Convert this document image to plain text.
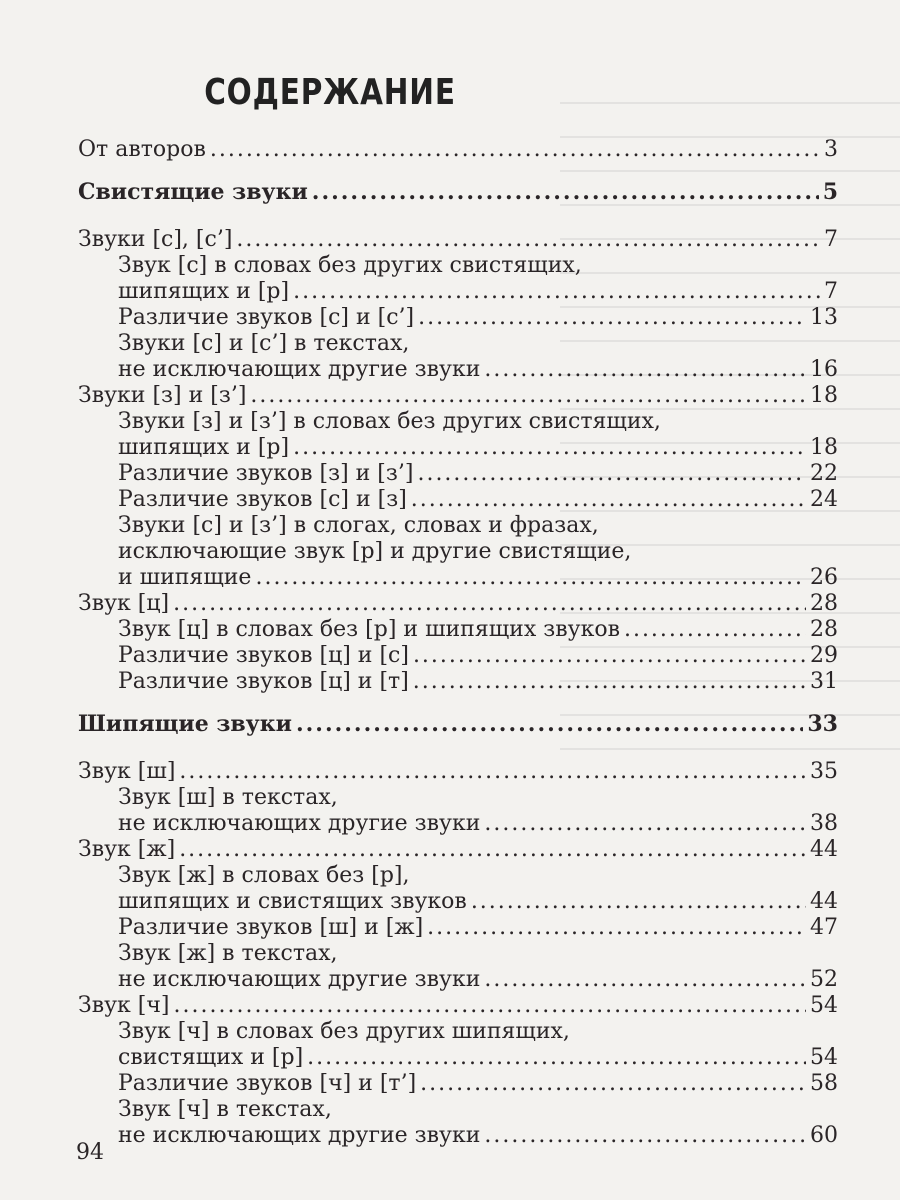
СОДЕРЖАНИЕ
От авторов .....	3
Свистящие звуки .....	5
Звуки [с], [с’] .....	7
Звук [с] в словах без других свистящих,
шипящих и [р] .....	7
Различие звуков [с] и [с’] .....	13
Звуки [с] и [с’] в текстах,
не исключающих другие звуки .....	16
Звуки [з] и [з’] .....	18
Звуки [з] и [з’] в словах без других свистящих,
шипящих и [р] .....	18
Различие звуков [з] и [з’] .....	22
Различие звуков [с] и [з] .....	24
Звуки [с] и [з’] в слогах, словах и фразах,
исключающие звук [р] и другие свистящие,
и шипящие .....	26
Звук [ц] .....	28
Звук [ц] в словах без [р] и шипящих звуков .....	28
Различие звуков [ц] и [с] .....	29
Различие звуков [ц] и [т] .....	31
Шипящие звуки .....	33
Звук [ш] .....	35
Звук [ш] в текстах,
не исключающих другие звуки .....	38
Звук [ж] .....	44
Звук [ж] в словах без [р],
шипящих и свистящих звуков .....	44
Различие звуков [ш] и [ж] .....	47
Звук [ж] в текстах,
не исключающих другие звуки .....	52
Звук [ч] .....	54
Звук [ч] в словах без других шипящих,
свистящих и [р] .....	54
Различие звуков [ч] и [т’] .....	58
Звук [ч] в текстах,
не исключающих другие звуки .....	60
94
